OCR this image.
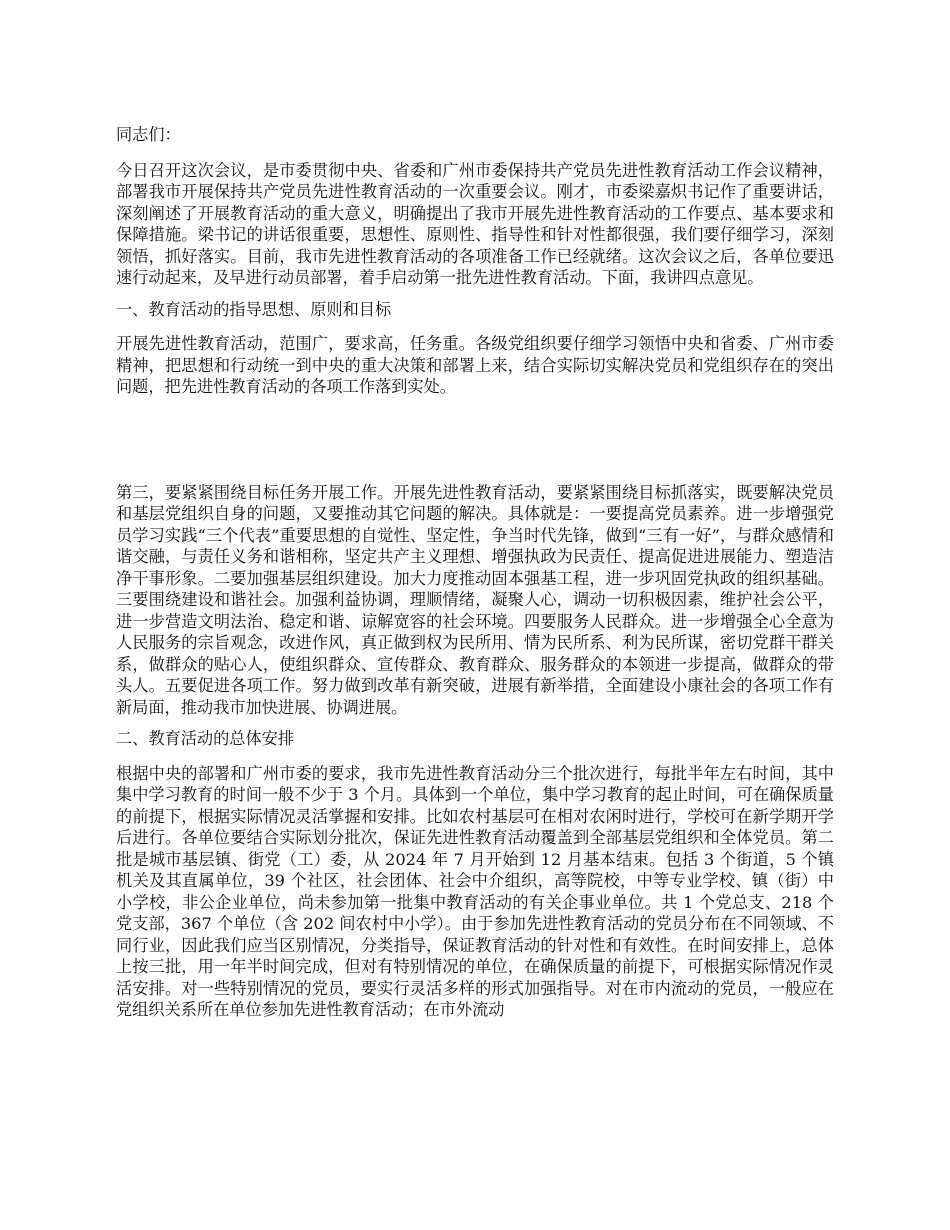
同志们：

今日召开这次会议，是市委贯彻中央、省委和广州市委保持共产党员先进性教育活动工作会议精神，部署我市开展保持共产党员先进性教育活动的一次重要会议。刚才，市委梁嘉炽书记作了重要讲话，深刻阐述了开展教育活动的重大意义，明确提出了我市开展先进性教育活动的工作要点、基本要求和保障措施。梁书记的讲话很重要，思想性、原则性、指导性和针对性都很强，我们要仔细学习，深刻领悟，抓好落实。目前，我市先进性教育活动的各项准备工作已经就绪。这次会议之后，各单位要迅速行动起来，及早进行动员部署，着手启动第一批先进性教育活动。下面，我讲四点意见。

一、教育活动的指导思想、原则和目标

开展先进性教育活动，范围广，要求高，任务重。各级党组织要仔细学习领悟中央和省委、广州市委精神，把思想和行动统一到中央的重大决策和部署上来，结合实际切实解决党员和党组织存在的突出问题，把先进性教育活动的各项工作落到实处。

第三，要紧紧围绕目标任务开展工作。开展先进性教育活动，要紧紧围绕目标抓落实，既要解决党员和基层党组织自身的问题，又要推动其它问题的解决。具体就是：一要提高党员素养。进一步增强党员学习实践“三个代表”重要思想的自觉性、坚定性，争当时代先锋，做到“三有一好”，与群众感情和谐交融，与责任义务和谐相称，坚定共产主义理想、增强执政为民责任、提高促进进展能力、塑造洁净干事形象。二要加强基层组织建设。加大力度推动固本强基工程，进一步巩固党执政的组织基础。三要围绕建设和谐社会。加强利益协调，理顺情绪，凝聚人心，调动一切积极因素，维护社会公平，进一步营造文明法治、稳定和谐、谅解宽容的社会环境。四要服务人民群众。进一步增强全心全意为人民服务的宗旨观念，改进作风，真正做到权为民所用、情为民所系、利为民所谋，密切党群干群关系，做群众的贴心人，使组织群众、宣传群众、教育群众、服务群众的本领进一步提高，做群众的带头人。五要促进各项工作。努力做到改革有新突破，进展有新举措，全面建设小康社会的各项工作有新局面，推动我市加快进展、协调进展。

二、教育活动的总体安排

根据中央的部署和广州市委的要求，我市先进性教育活动分三个批次进行，每批半年左右时间，其中集中学习教育的时间一般不少于 3 个月。具体到一个单位，集中学习教育的起止时间，可在确保质量的前提下，根据实际情况灵活掌握和安排。比如农村基层可在相对农闲时进行，学校可在新学期开学后进行。各单位要结合实际划分批次，保证先进性教育活动覆盖到全部基层党组织和全体党员。第二批是城市基层镇、街党（工）委，从 2024 年 7 月开始到 12 月基本结束。包括 3 个街道，5 个镇机关及其直属单位，39 个社区，社会团体、社会中介组织，高等院校，中等专业学校、镇（街）中小学校，非公企业单位，尚未参加第一批集中教育活动的有关企事业单位。共 1 个党总支、218 个党支部，367 个单位（含 202 间农村中小学）。由于参加先进性教育活动的党员分布在不同领域、不同行业，因此我们应当区别情况，分类指导，保证教育活动的针对性和有效性。在时间安排上，总体上按三批，用一年半时间完成，但对有特别情况的单位，在确保质量的前提下，可根据实际情况作灵活安排。对一些特别情况的党员，要实行灵活多样的形式加强指导。对在市内流动的党员，一般应在党组织关系所在单位参加先进性教育活动；在市外流动
